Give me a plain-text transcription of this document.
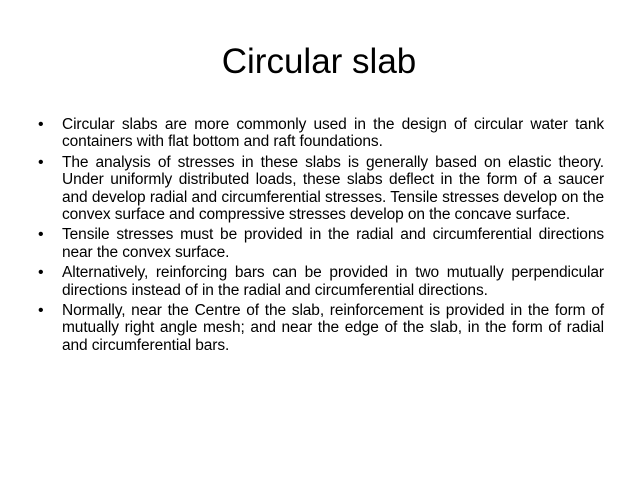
Circular slab
• Circular slabs are more commonly used in the design of circular water tank containers with flat bottom and raft foundations.
• The analysis of stresses in these slabs is generally based on elastic theory. Under uniformly distributed loads, these slabs deflect in the form of a saucer and develop radial and circumferential stresses. Tensile stresses develop on the convex surface and compressive stresses develop on the concave surface.
• Tensile stresses must be provided in the radial and circumferential directions near the convex surface.
• Alternatively, reinforcing bars can be provided in two mutually perpendicular directions instead of in the radial and circumferential directions.
• Normally, near the Centre of the slab, reinforcement is provided in the form of mutually right angle mesh; and near the edge of the slab, in the form of radial and circumferential bars.
